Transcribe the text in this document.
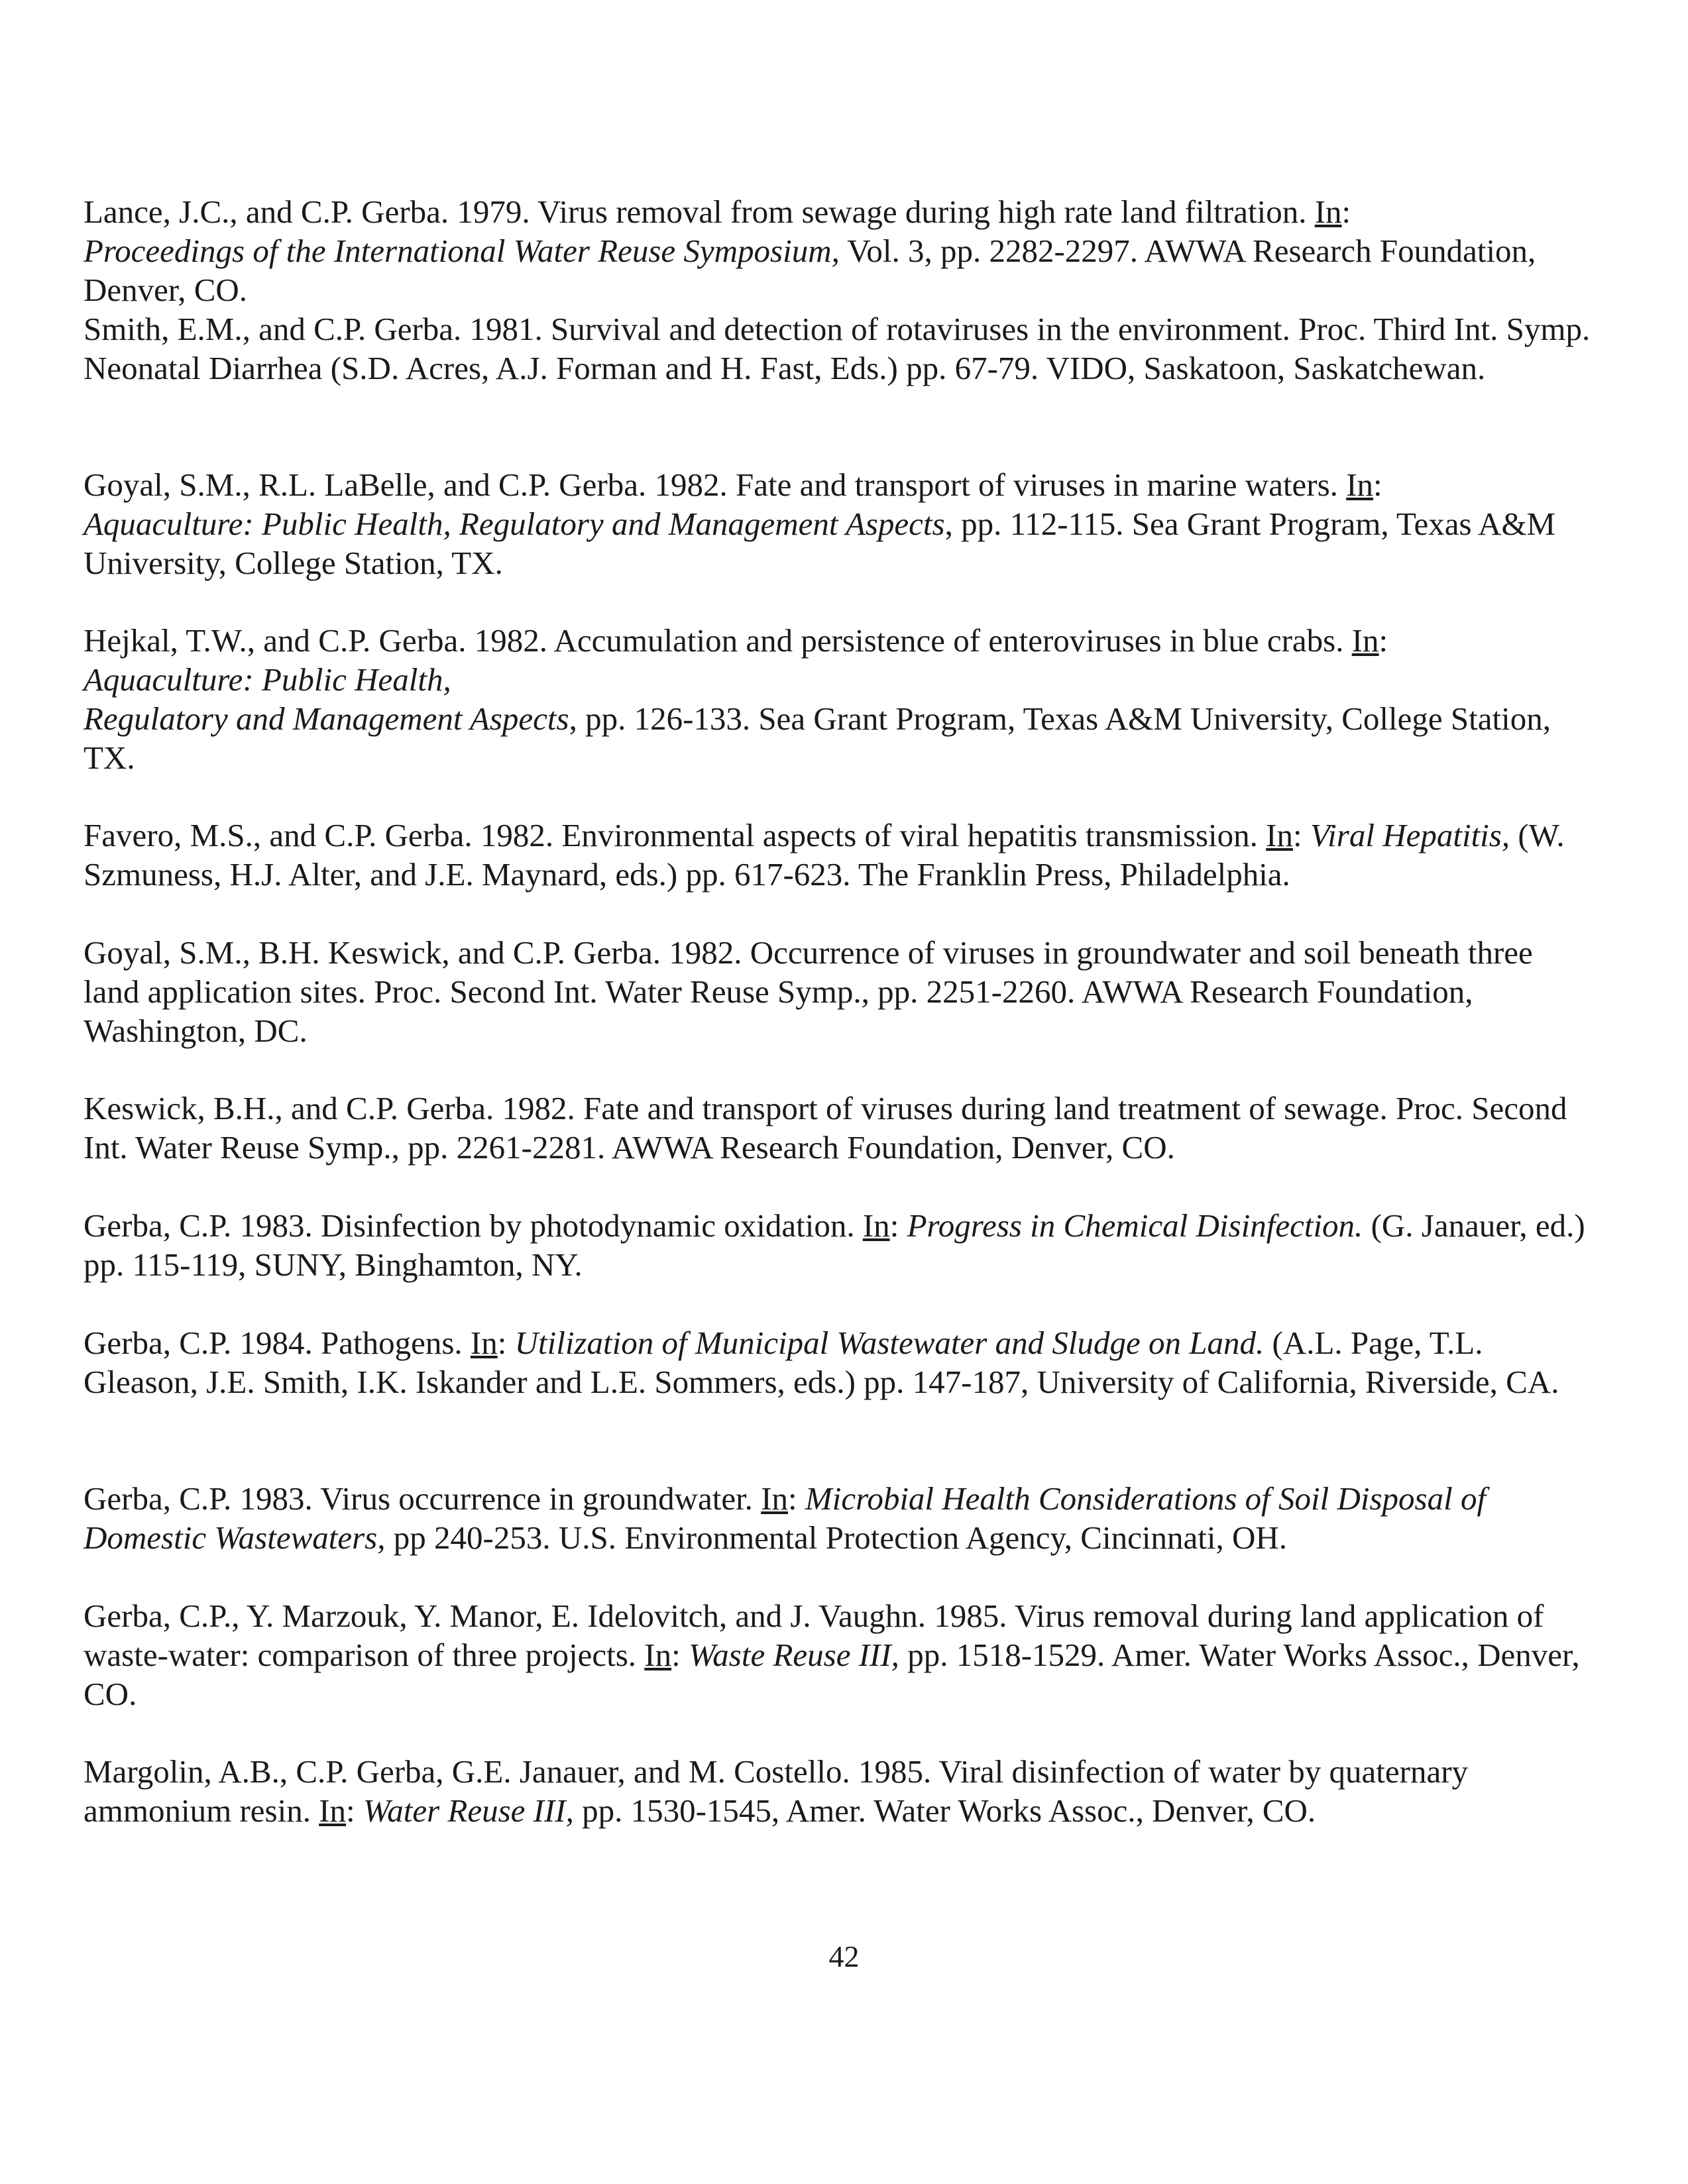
Lance, J.C., and C.P. Gerba. 1979. Virus removal from sewage during high rate land filtration. In:
Proceedings of the International Water Reuse Symposium, Vol. 3, pp. 2282-2297. AWWA Research Foundation, Denver, CO.

Smith, E.M., and C.P. Gerba. 1981. Survival and detection of rotaviruses in the environment. Proc. Third Int. Symp. Neonatal Diarrhea (S.D. Acres, A.J. Forman and H. Fast, Eds.) pp. 67-79. VIDO, Saskatoon, Saskatchewan.

Goyal, S.M., R.L. LaBelle, and C.P. Gerba. 1982. Fate and transport of viruses in marine waters. In:
Aquaculture: Public Health, Regulatory and Management Aspects, pp. 112-115. Sea Grant Program, Texas A&M University, College Station, TX.

Hejkal, T.W., and C.P. Gerba. 1982. Accumulation and persistence of enteroviruses in blue crabs. In:
Aquaculture: Public Health,
Regulatory and Management Aspects, pp. 126-133. Sea Grant Program, Texas A&M University, College Station, TX.

Favero, M.S., and C.P. Gerba. 1982. Environmental aspects of viral hepatitis transmission. In: Viral Hepatitis, (W. Szmuness, H.J. Alter, and J.E. Maynard, eds.) pp. 617-623. The Franklin Press, Philadelphia.

Goyal, S.M., B.H. Keswick, and C.P. Gerba. 1982. Occurrence of viruses in groundwater and soil beneath three land application sites. Proc. Second Int. Water Reuse Symp., pp. 2251-2260. AWWA Research Foundation, Washington, DC.

Keswick, B.H., and C.P. Gerba. 1982. Fate and transport of viruses during land treatment of sewage. Proc. Second Int. Water Reuse Symp., pp. 2261-2281. AWWA Research Foundation, Denver, CO.

Gerba, C.P. 1983. Disinfection by photodynamic oxidation. In: Progress in Chemical Disinfection. (G. Janauer, ed.) pp. 115-119, SUNY, Binghamton, NY.

Gerba, C.P. 1984. Pathogens. In: Utilization of Municipal Wastewater and Sludge on Land. (A.L. Page, T.L. Gleason, J.E. Smith, I.K. Iskander and L.E. Sommers, eds.) pp. 147-187, University of California, Riverside, CA.

Gerba, C.P. 1983. Virus occurrence in groundwater. In: Microbial Health Considerations of Soil Disposal of Domestic Wastewaters, pp 240-253. U.S. Environmental Protection Agency, Cincinnati, OH.

Gerba, C.P., Y. Marzouk, Y. Manor, E. Idelovitch, and J. Vaughn. 1985. Virus removal during land application of waste-water: comparison of three projects. In: Waste Reuse III, pp. 1518-1529. Amer. Water Works Assoc., Denver, CO.

Margolin, A.B., C.P. Gerba, G.E. Janauer, and M. Costello. 1985. Viral disinfection of water by quaternary ammonium resin. In: Water Reuse III, pp. 1530-1545, Amer. Water Works Assoc., Denver, CO.

42
